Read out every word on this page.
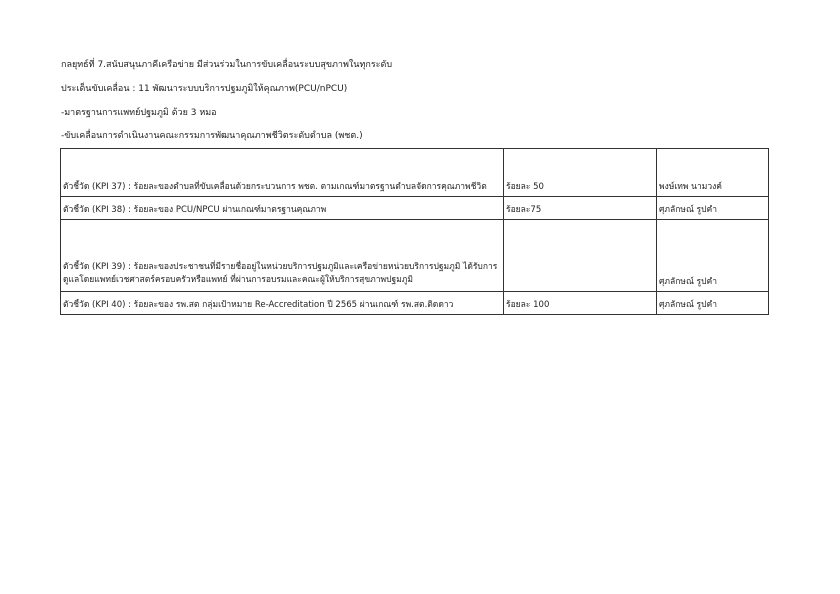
กลยุทธ์ที่ 7.สนับสนุนภาคีเครือข่าย มีส่วนร่วมในการขับเคลื่อนระบบสุขภาพในทุกระดับ
ประเด็นขับเคลื่อน : 11 พัฒนาระบบบริการปฐมภูมิให้คุณภาพ(PCU/nPCU)
-มาตรฐานการแพทย์ปฐมภูมิ ด้วย 3 หมอ
-ขับเคลื่อนการดำเนินงานคณะกรรมการพัฒนาคุณภาพชีวิตระดับตำบล (พชต.)
ตัวชี้วัด (KPI 37) : ร้อยละของตำบลที่ขับเคลื่อนด้วยกระบวนการ พชต. ตามเกณฑ์มาตรฐานตำบลจัดการคุณภาพชีวิต	ร้อยละ 50	พงษ์เทพ นามวงค์

ตัวชี้วัด (KPI 38) : ร้อยละของ PCU/NPCU ผ่านเกณฑ์มาตรฐานคุณภาพ	ร้อยละ75	ศุภลักษณ์ รูปคำ

ตัวชี้วัด (KPI 39) : ร้อยละของประชาชนที่มีรายชื่ออยู่ในหน่วยบริการปฐมภูมิและเครือข่ายหน่วยบริการปฐมภูมิ ได้รับการดูแลโดยแพทย์เวชศาสตร์ครอบครัวหรือแพทย์ ที่ผ่านการอบรมและคณะผู้ให้บริการสุขภาพปฐมภูมิ		ศุภลักษณ์ รูปคำ

ตัวชี้วัด (KPI 40) : ร้อยละของ รพ.สต กลุ่มเป้าหมาย Re-Accreditation ปี 2565 ผ่านเกณฑ์ รพ.สต.ติดดาว	ร้อยละ 100	ศุภลักษณ์ รูปคำ
